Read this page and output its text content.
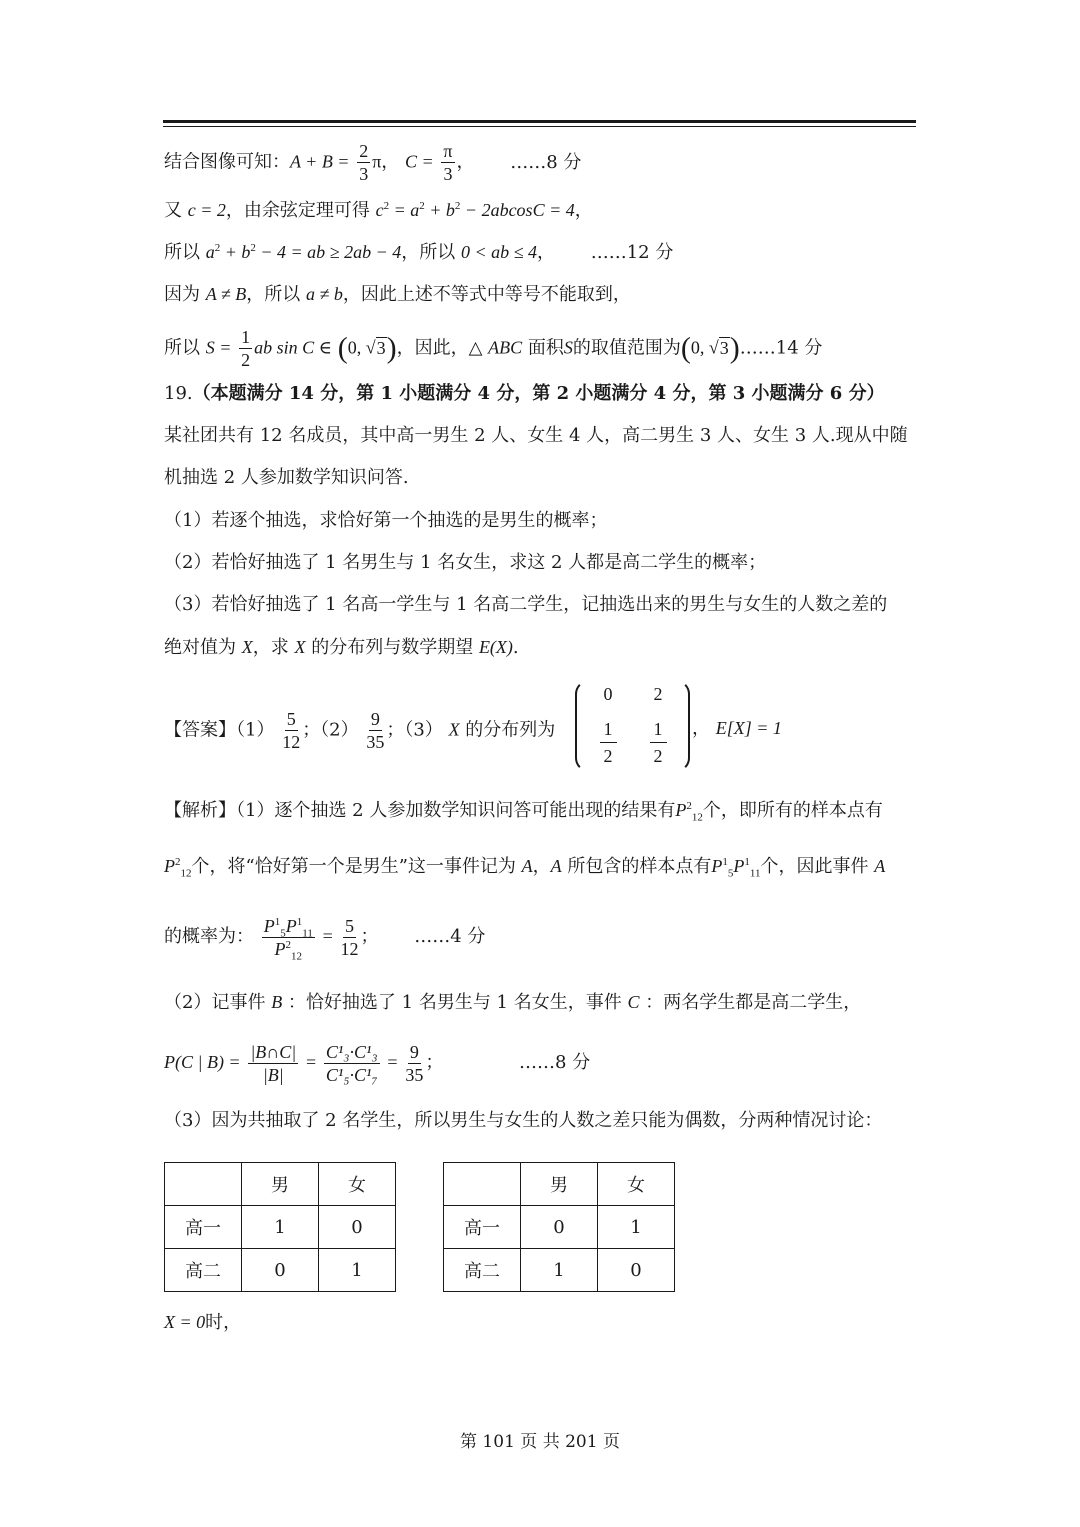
结合图像可知：$A + B = \frac{2}{3}$ π， $C = \frac{\pi}{3}$ ， ……8 分
又 c = 2，由余弦定理可得 $c^2 = a^2 + b^2 - 2abcosC = 4$，
所以 $a^2 + b^2 - 4$ = ab ≥ 2ab − 4，所以 0 < ab ≤ 4， ……12 分
因为 A ≠ B，所以 a ≠ b，因此上述不等式中等号不能取到，
所以 $S = \frac{1}{2}$ ab sin C ∈ (0, √3)，因此，△ ABC 面积S的取值范围为(0, √3)……14 分
19.（本题满分 14 分，第 1 小题满分 4 分，第 2 小题满分 4 分，第 3 小题满分 6 分）
某社团共有 12 名成员，其中高一男生 2 人、女生 4 人，高二男生 3 人、女生 3 人.现从中随
机抽选 2 人参加数学知识问答.
（1）若逐个抽选，求恰好第一个抽选的是男生的概率；
（2）若恰好抽选了 1 名男生与 1 名女生，求这 2 人都是高二学生的概率；
（3）若恰好抽选了 1 名高一学生与 1 名高二学生，记抽选出来的男生与女生的人数之差的
绝对值为 X，求 X 的分布列与数学期望 E(X).
【答案】$(1) \frac{5}{12}$ ；$(2) \frac{9}{35}$ ；（3） X 的分布列为
0	2
$\frac{1}{2} \frac{1}{2}$ ， E[X] = 1
【解析】（1）逐个抽选 2 人参加数学知识问答可能出现的结果有$P^2_{12}$个，即所有的样本点有
$P^2_{12}$个，将“恰好第一个是男生”这一事件记为 A，A 所包含的样本点有$P^1_5P^1_{11}$个，因此事件 A
的概率为： $\frac{P^1_5P^1_{11}}{P^2_{12}} = \frac{5}{12}$ ； ……4 分
（2）记事件 B ：恰好抽选了 1 名男生与 1 名女生，事件 C ：两名学生都是高二学生，
P(C | $B) = \frac{|B\cap C|}{|B|} = \frac{\text{C¹₃·C¹₃}}{\text{C¹₅·C¹₇}} = \frac{9}{35}$ ；	……8 分
（3）因为共抽取了 2 名学生，所以男生与女生的人数之差只能为偶数，分两种情况讨论：
	男	女
高一	1	0
高二	0	1
	男	女
高一	0	1
高二	1	0
X = 0时，
第 101 页 共 201 页
